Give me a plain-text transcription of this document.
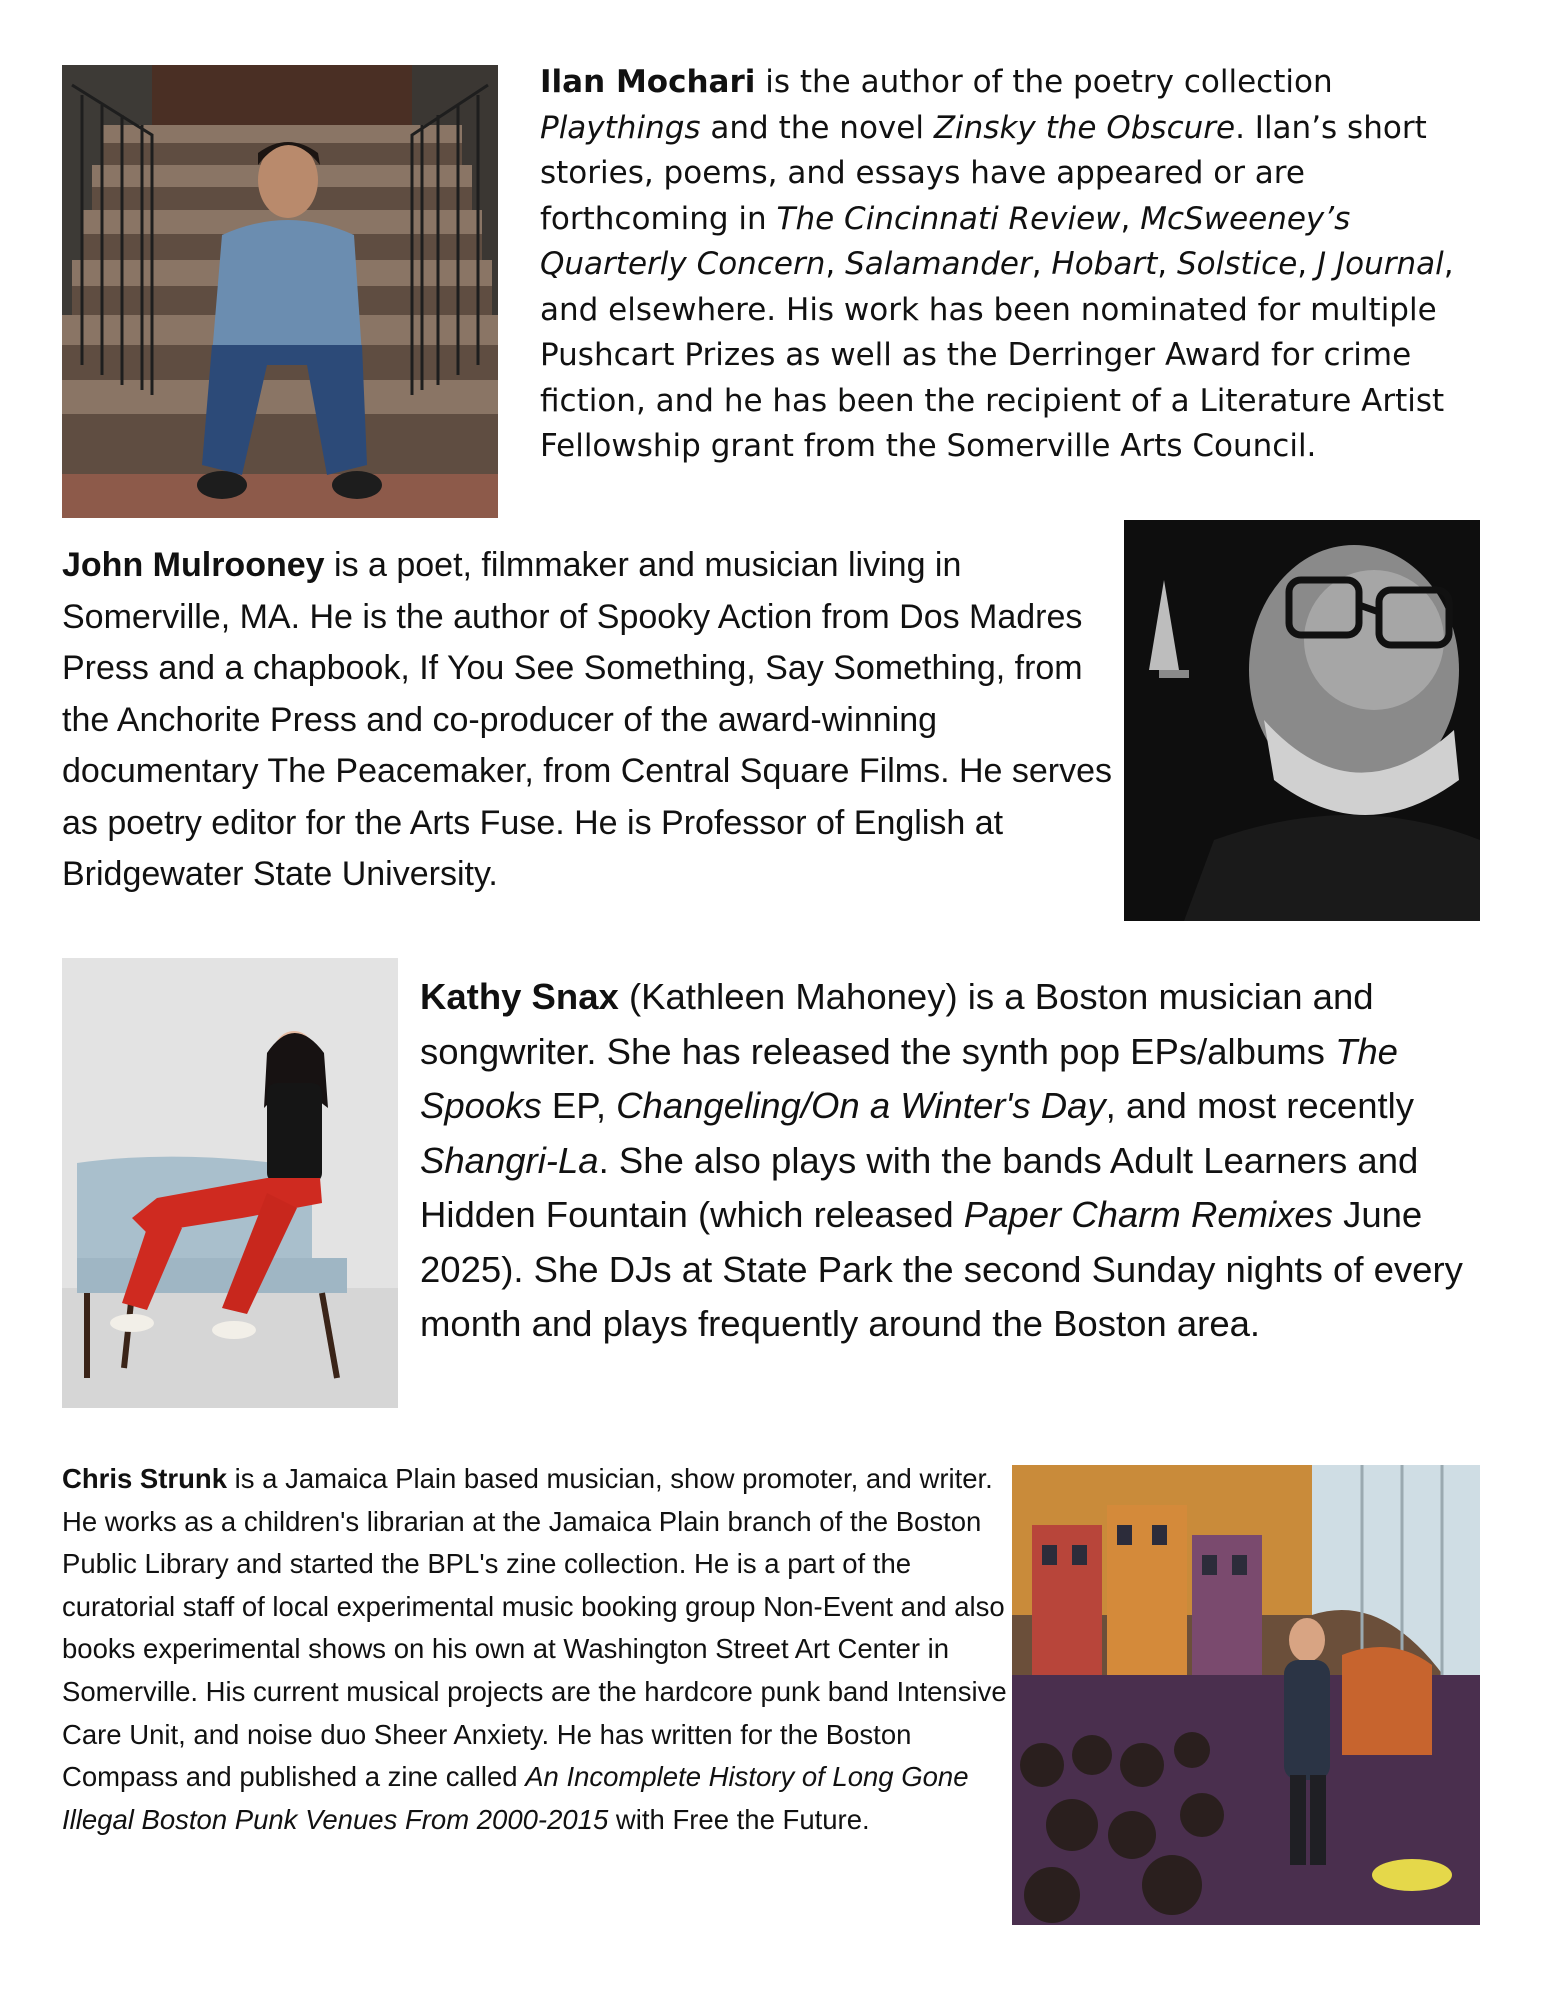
Ilan Mochari is the author of the poetry collection Playthings and the novel Zinsky the Obscure. Ilan’s short stories, poems, and essays have appeared or are forthcoming in The Cincinnati Review, McSweeney’s Quarterly Concern, Salamander, Hobart, Solstice, J Journal, and elsewhere. His work has been nominated for multiple Pushcart Prizes as well as the Derringer Award for crime fiction, and he has been the recipient of a Literature Artist Fellowship grant from the Somerville Arts Council.

John Mulrooney is a poet, filmmaker and musician living in Somerville, MA. He is the author of Spooky Action from Dos Madres Press and a chapbook, If You See Something, Say Something, from the Anchorite Press and co-producer of the award-winning documentary The Peacemaker, from Central Square Films. He serves as poetry editor for the Arts Fuse. He is Professor of English at Bridgewater State University.

Kathy Snax (Kathleen Mahoney) is a Boston musician and songwriter. She has released the synth pop EPs/albums The Spooks EP, Changeling/On a Winter's Day, and most recently Shangri-La. She also plays with the bands Adult Learners and Hidden Fountain (which released Paper Charm Remixes June 2025). She DJs at State Park the second Sunday nights of every month and plays frequently around the Boston area.

Chris Strunk is a Jamaica Plain based musician, show promoter, and writer. He works as a children's librarian at the Jamaica Plain branch of the Boston Public Library and started the BPL's zine collection. He is a part of the curatorial staff of local experimental music booking group Non-Event and also books experimental shows on his own at Washington Street Art Center in Somerville. His current musical projects are the hardcore punk band Intensive Care Unit, and noise duo Sheer Anxiety. He has written for the Boston Compass and published a zine called An Incomplete History of Long Gone Illegal Boston Punk Venues From 2000-2015 with Free the Future.
